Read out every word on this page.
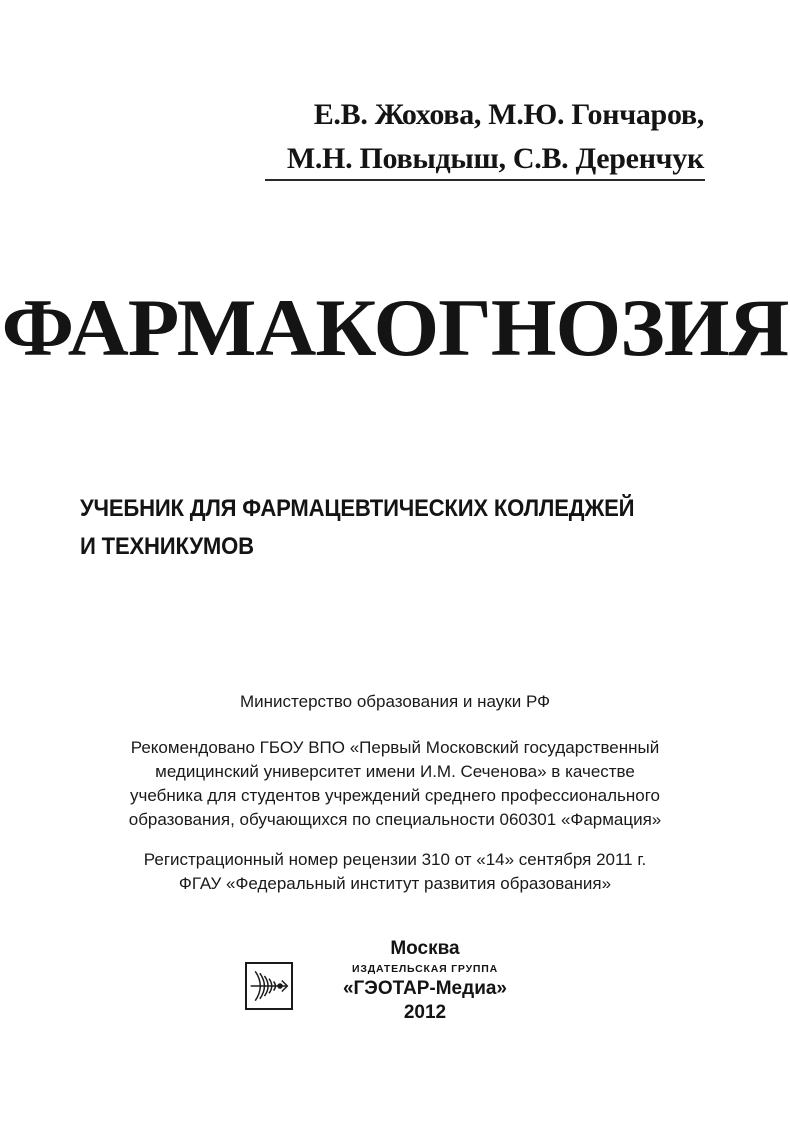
Е.В. Жохова, М.Ю. Гончаров,
М.Н. Повыдыш, С.В. Деренчук
ФАРМАКОГНОЗИЯ
УЧЕБНИК ДЛЯ ФАРМАЦЕВТИЧЕСКИХ КОЛЛЕДЖЕЙ
И ТЕХНИКУМОВ
Министерство образования и науки РФ
Рекомендовано ГБОУ ВПО «Первый Московский государственный
медицинский университет имени И.М. Сеченова» в качестве
учебника для студентов учреждений среднего профессионального
образования, обучающихся по специальности 060301 «Фармация»
Регистрационный номер рецензии 310 от «14» сентября 2011 г.
ФГАУ «Федеральный институт развития образования»
Москва
ИЗДАТЕЛЬСКАЯ ГРУППА
«ГЭОТАР-Медиа»
2012
